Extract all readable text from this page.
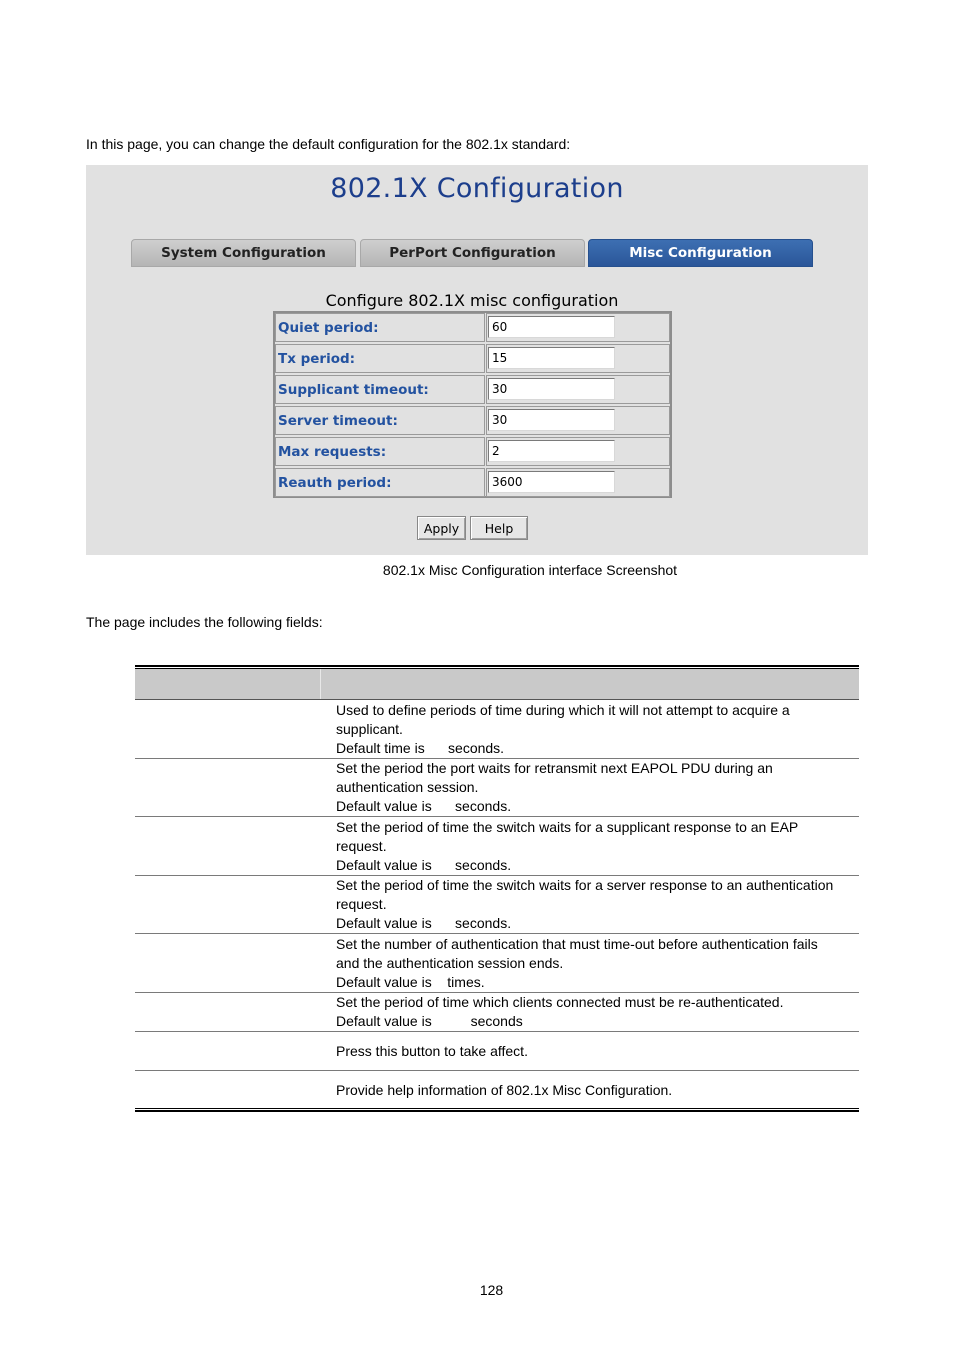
In this page, you can change the default configuration for the 802.1x standard:
802.1X Configuration
System Configuration	PerPort Configuration	Misc Configuration
Configure 802.1X misc configuration
Quiet period:
60
Tx period:
15
Supplicant timeout:
30
Server timeout:
30
Max requests:
2
Reauth period:
3600
Apply	Help
802.1x Misc Configuration interface Screenshot
The page includes the following fields:
Used to define periods of time during which it will not attempt to acquire a
supplicant.
Default time is      seconds.
Set the period the port waits for retransmit next EAPOL PDU during an
authentication session.
Default value is      seconds.
Set the period of time the switch waits for a supplicant response to an EAP
request.
Default value is      seconds.
Set the period of time the switch waits for a server response to an authentication
request.
Default value is      seconds.
Set the number of authentication that must time-out before authentication fails
and the authentication session ends.
Default value is    times.
Set the period of time which clients connected must be re-authenticated.
Default value is          seconds
Press this button to take affect.
Provide help information of 802.1x Misc Configuration.
128
